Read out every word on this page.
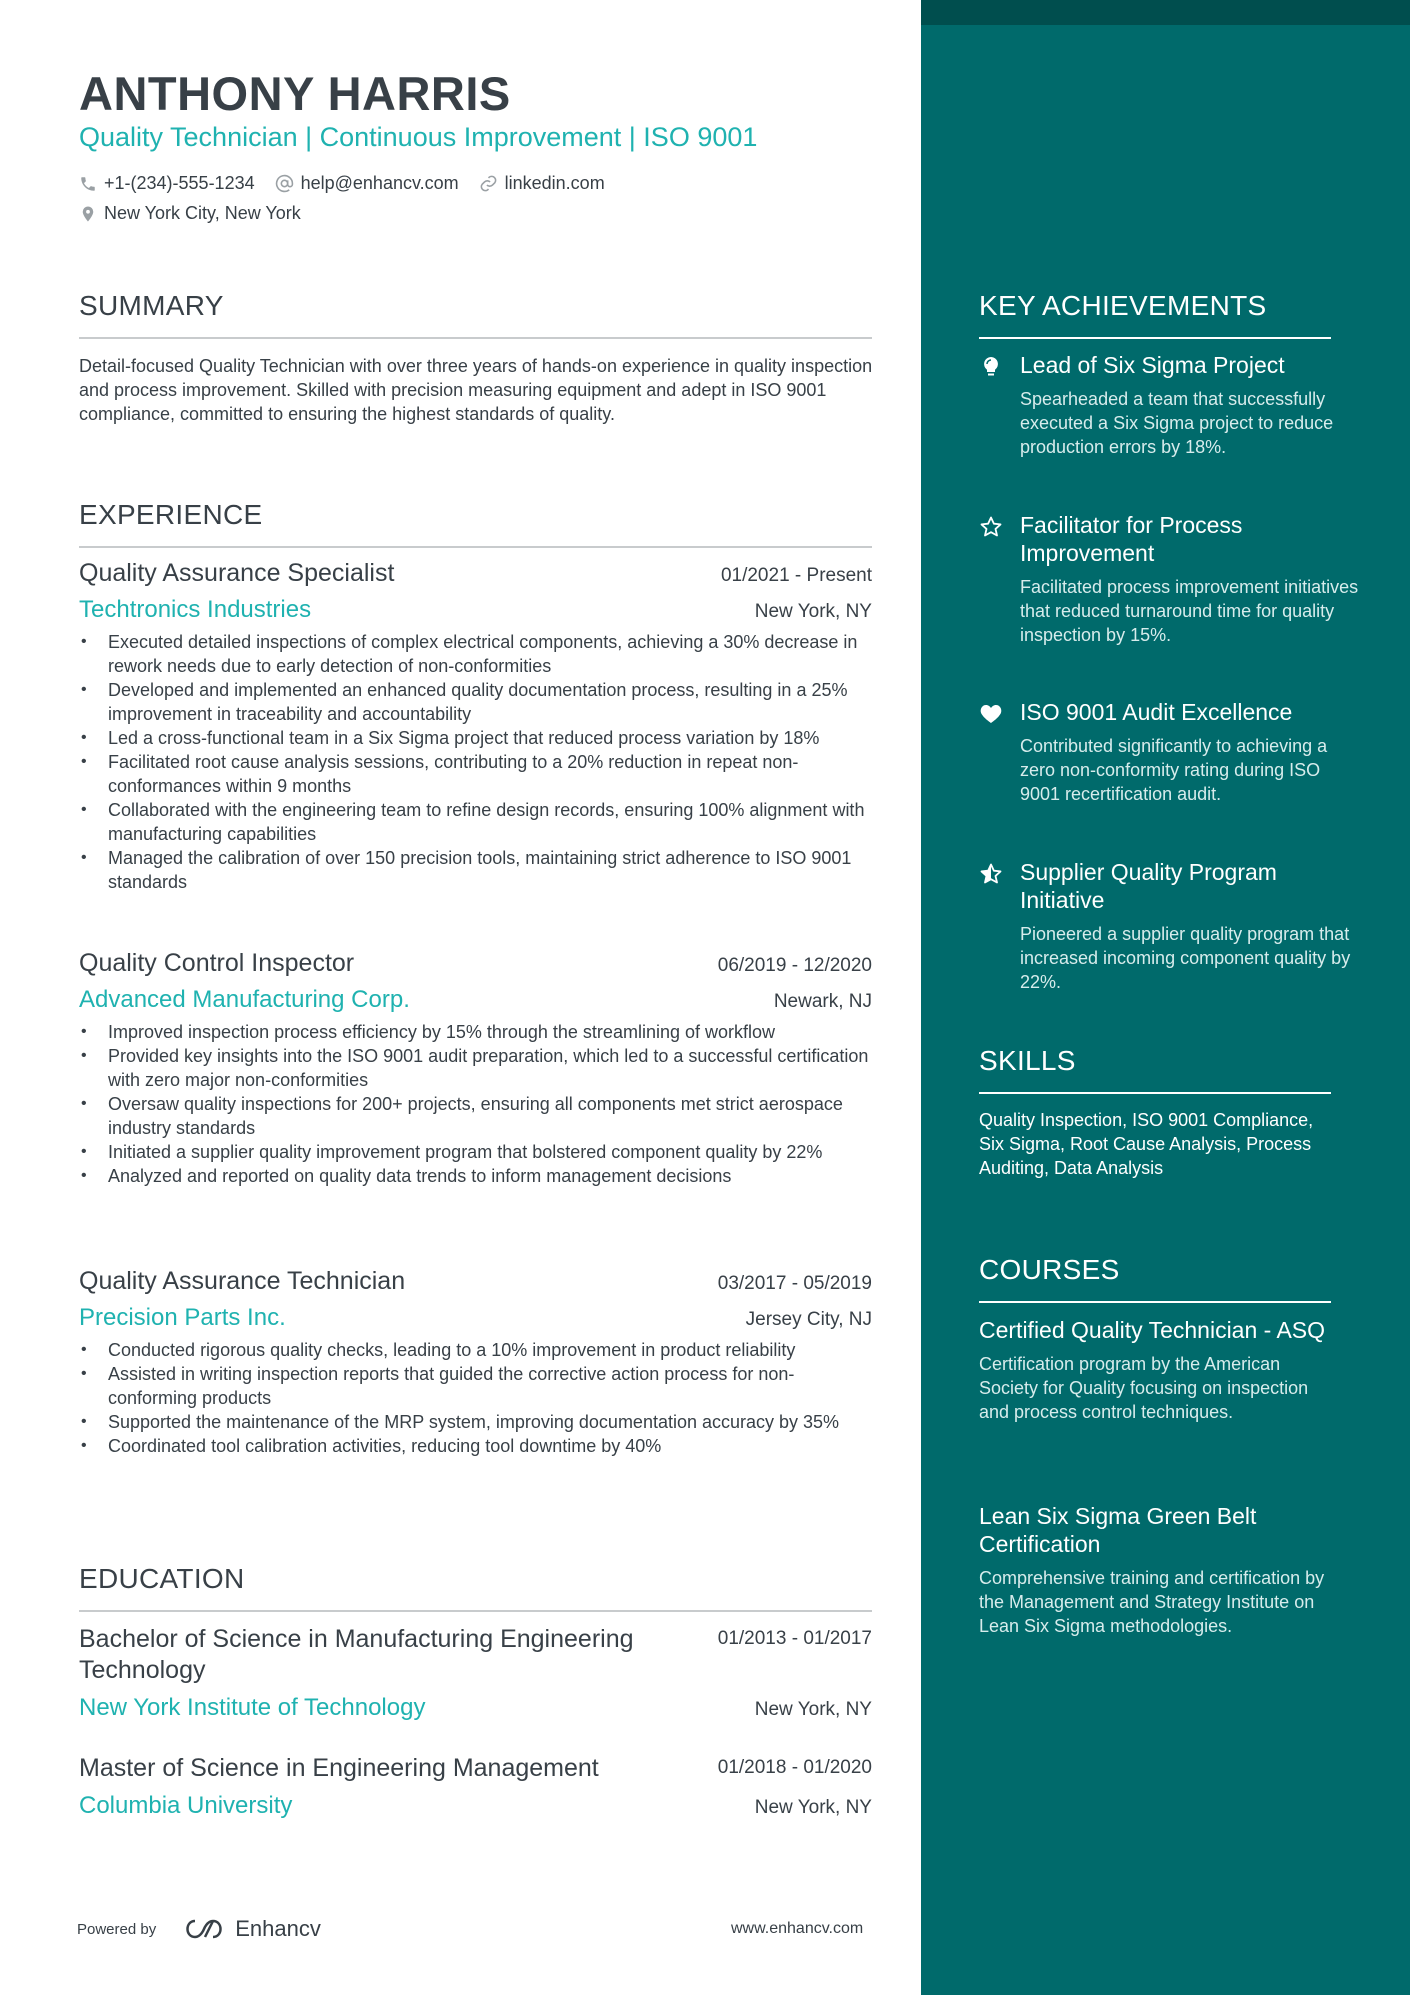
ANTHONY HARRIS
Quality Technician | Continuous Improvement | ISO 9001
+1-(234)-555-1234	help@enhancv.com	linkedin.com
New York City, New York
SUMMARY
Detail-focused Quality Technician with over three years of hands-on experience in quality inspection and process improvement. Skilled with precision measuring equipment and adept in ISO 9001 compliance, committed to ensuring the highest standards of quality.
EXPERIENCE
Quality Assurance Specialist	01/2021 - Present
Techtronics Industries	New York, NY
• Executed detailed inspections of complex electrical components, achieving a 30% decrease in rework needs due to early detection of non-conformities
• Developed and implemented an enhanced quality documentation process, resulting in a 25% improvement in traceability and accountability
• Led a cross-functional team in a Six Sigma project that reduced process variation by 18%
• Facilitated root cause analysis sessions, contributing to a 20% reduction in repeat non-conformances within 9 months
• Collaborated with the engineering team to refine design records, ensuring 100% alignment with manufacturing capabilities
• Managed the calibration of over 150 precision tools, maintaining strict adherence to ISO 9001 standards
Quality Control Inspector	06/2019 - 12/2020
Advanced Manufacturing Corp.	Newark, NJ
• Improved inspection process efficiency by 15% through the streamlining of workflow
• Provided key insights into the ISO 9001 audit preparation, which led to a successful certification with zero major non-conformities
• Oversaw quality inspections for 200+ projects, ensuring all components met strict aerospace industry standards
• Initiated a supplier quality improvement program that bolstered component quality by 22%
• Analyzed and reported on quality data trends to inform management decisions
Quality Assurance Technician	03/2017 - 05/2019
Precision Parts Inc.	Jersey City, NJ
• Conducted rigorous quality checks, leading to a 10% improvement in product reliability
• Assisted in writing inspection reports that guided the corrective action process for non-conforming products
• Supported the maintenance of the MRP system, improving documentation accuracy by 35%
• Coordinated tool calibration activities, reducing tool downtime by 40%
EDUCATION
Bachelor of Science in Manufacturing Engineering Technology
01/2013 - 01/2017
New York Institute of Technology	New York, NY
Master of Science in Engineering Management	01/2018 - 01/2020
Columbia University	New York, NY
Powered by	Enhancv	www.enhancv.com
KEY ACHIEVEMENTS
Lead of Six Sigma Project
Spearheaded a team that successfully executed a Six Sigma project to reduce production errors by 18%.
Facilitator for Process Improvement
Facilitated process improvement initiatives that reduced turnaround time for quality inspection by 15%.
ISO 9001 Audit Excellence
Contributed significantly to achieving a zero non-conformity rating during ISO 9001 recertification audit.
Supplier Quality Program Initiative
Pioneered a supplier quality program that increased incoming component quality by 22%.
SKILLS
Quality Inspection, ISO 9001 Compliance, Six Sigma, Root Cause Analysis, Process Auditing, Data Analysis
COURSES
Certified Quality Technician - ASQ
Certification program by the American Society for Quality focusing on inspection and process control techniques.
Lean Six Sigma Green Belt Certification
Comprehensive training and certification by the Management and Strategy Institute on Lean Six Sigma methodologies.
